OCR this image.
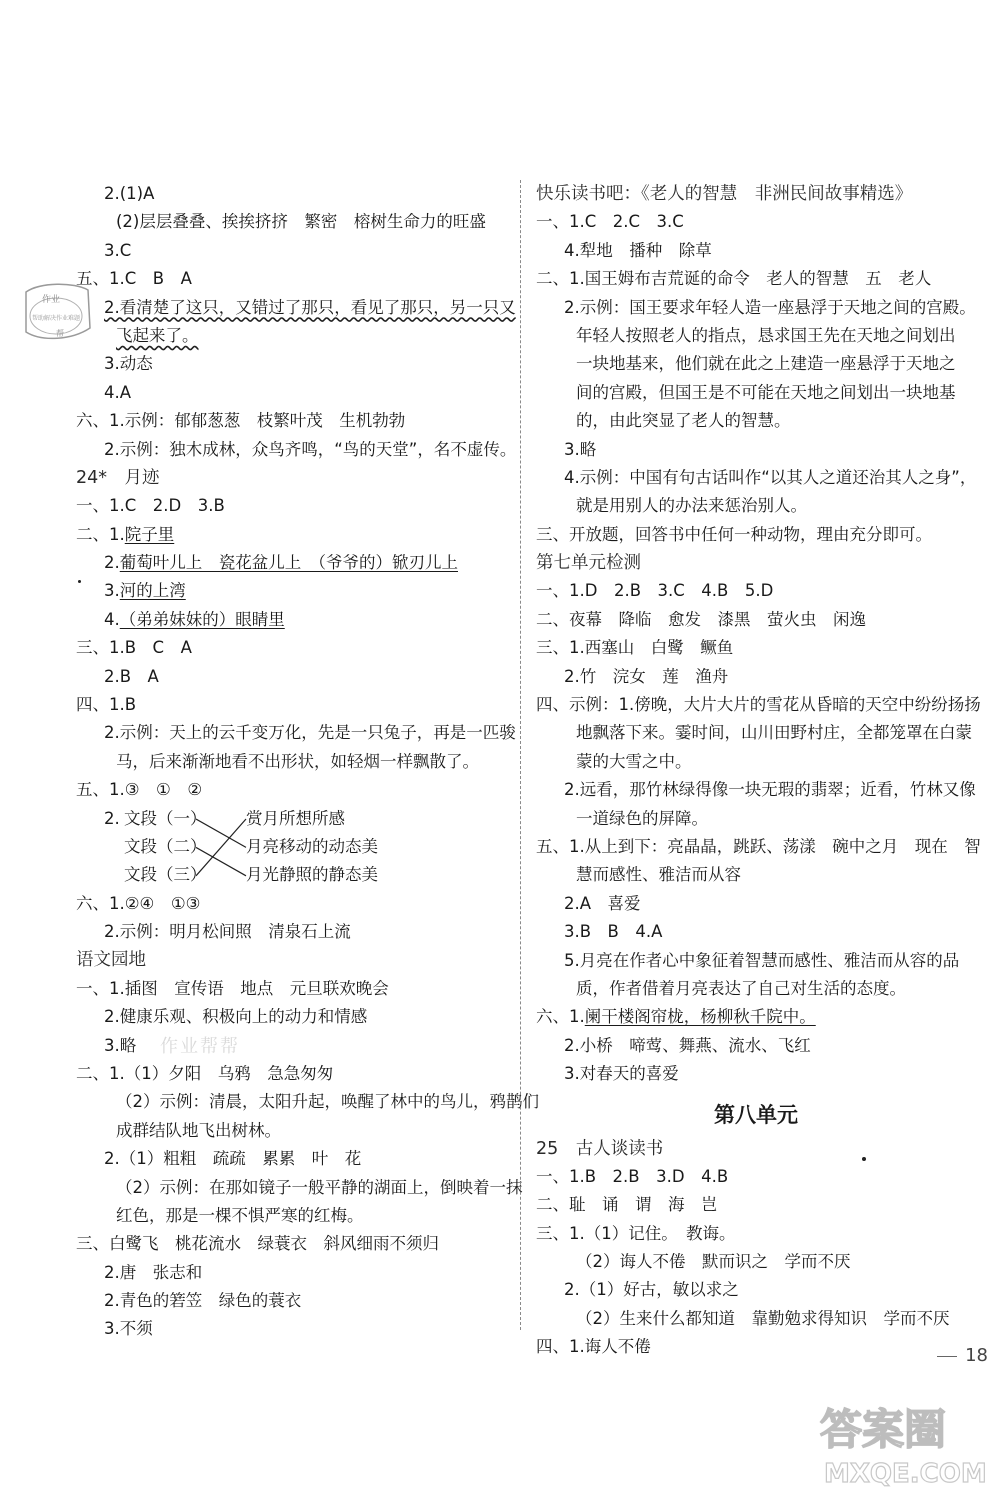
2.(1)A
(2)层层叠叠、挨挨挤挤　繁密　榕树生命力的旺盛
3.C
五、1.C　B　A
2.看清楚了这只，又错过了那只，看见了那只，另一只又
飞起来了。
3.动态
4.A
六、1.示例：郁郁葱葱　枝繁叶茂　生机勃勃
2.示例：独木成林，众鸟齐鸣，“鸟的天堂”，名不虚传。
24*　月迹
一、1.C　2.D　3.B
二、1.院子里
2.葡萄叶儿上　瓷花盆儿上　（爷爷的）锨刃儿上
3.河的上湾
4.（弟弟妹妹的）眼睛里
三、1.B　C　A
2.B　A
四、1.B
2.示例：天上的云千变万化，先是一只兔子，再是一匹骏
马，后来渐渐地看不出形状，如轻烟一样飘散了。
五、1.③　①　②
2. 文段（一）
文段（二）
文段（三）
赏月所想所感
月亮移动的动态美
月光静照的静态美
六、1.②④　①③
2.示例：明月松间照　清泉石上流
语文园地
一、1.插图　宣传语　地点　元旦联欢晚会
2.健康乐观、积极向上的动力和情感
3.略
二、1.（1）夕阳　乌鸦　急急匆匆
（2）示例：清晨，太阳升起，唤醒了林中的鸟儿，鸦鹊们
成群结队地飞出树林。
2.（1）粗粗　疏疏　累累　叶　花
（2）示例：在那如镜子一般平静的湖面上，倒映着一抹
红色，那是一棵不惧严寒的红梅。
三、白鹭飞　桃花流水　绿蓑衣　斜风细雨不须归
2.唐　张志和
2.青色的箬笠　绿色的蓑衣
3.不须
快乐读书吧：《老人的智慧　非洲民间故事精选》
一、1.C　2.C　3.C
4.犁地　播种　除草
二、1.国王姆布吉荒诞的命令　老人的智慧　五　老人
2.示例：国王要求年轻人造一座悬浮于天地之间的宫殿。
年轻人按照老人的指点，恳求国王先在天地之间划出
一块地基来，他们就在此之上建造一座悬浮于天地之
间的宫殿，但国王是不可能在天地之间划出一块地基
的，由此突显了老人的智慧。
3.略
4.示例：中国有句古话叫作“以其人之道还治其人之身”，
就是用别人的办法来惩治别人。
三、开放题，回答书中任何一种动物，理由充分即可。
第七单元检测
一、1.D　2.B　3.C　4.B　5.D
二、夜幕　降临　愈发　漆黑　萤火虫　闲逸
三、1.西塞山　白鹭　鳜鱼
2.竹　浣女　莲　渔舟
四、示例：1.傍晚，大片大片的雪花从昏暗的天空中纷纷扬扬
地飘落下来。霎时间，山川田野村庄，全都笼罩在白蒙
蒙的大雪之中。
2.远看，那竹林绿得像一块无瑕的翡翠；近看，竹林又像
一道绿色的屏障。
五、1.从上到下：亮晶晶，跳跃、荡漾　碗中之月　现在　智
慧而感性、雅洁而从容
2.A　喜爱
3.B　B　4.A
5.月亮在作者心中象征着智慧而感性、雅洁而从容的品
质，作者借着月亮表达了自己对生活的态度。
六、1.阑干楼阁帘栊，杨柳秋千院中。
2.小桥　啼莺、舞燕、流水、飞红
3.对春天的喜爱
第八单元
25　古人谈读书
一、1.B　2.B　3.D　4.B
二、耻　诵　谓　海　岂
三、1.（1）记住。　教诲。
（2）诲人不倦　默而识之　学而不厌
2.（1）好古，敏以求之
（2）生来什么都知道　靠勤勉求得知识　学而不厌
四、1.诲人不倦
作业
帮助解决作业难题
帮
作业帮帮
18
答案圈
MXQE.COM
